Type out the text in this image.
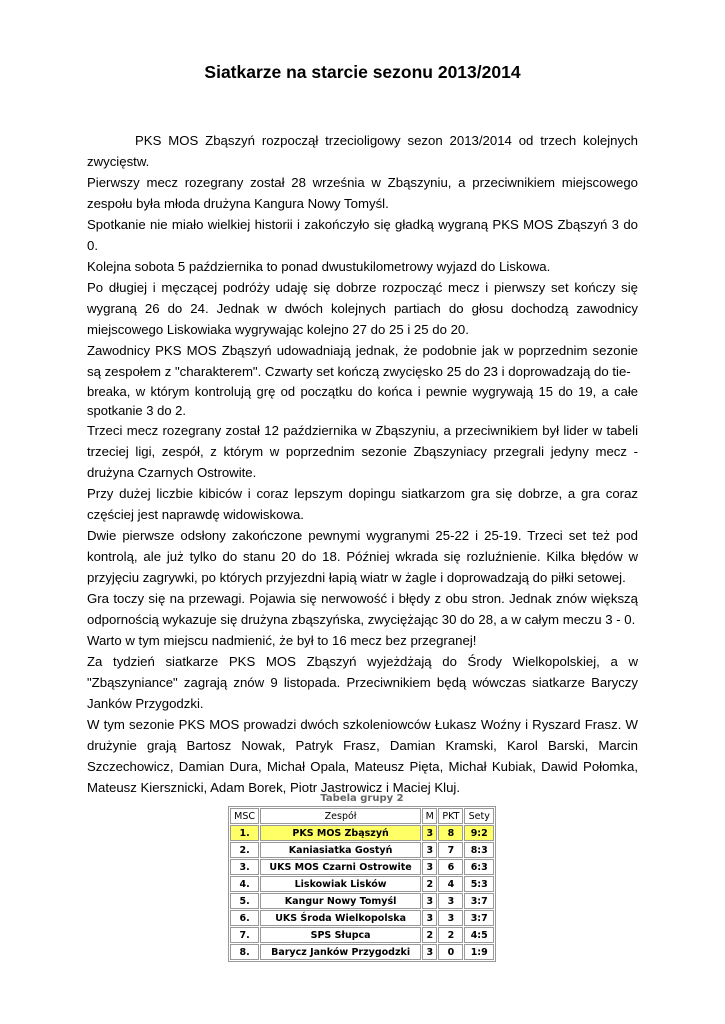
Siatkarze na starcie sezonu 2013/2014

PKS MOS Zbąszyń rozpoczął trzecioligowy sezon 2013/2014 od trzech kolejnych zwycięstw.

Pierwszy mecz rozegrany został 28 września w Zbąszyniu, a przeciwnikiem miejscowego zespołu była młoda drużyna Kangura Nowy Tomyśl.

Spotkanie nie miało wielkiej historii i zakończyło się gładką wygraną PKS MOS Zbąszyń 3 do 0.

Kolejna sobota 5 października to ponad dwustukilometrowy wyjazd do Liskowa.

Po długiej i męczącej podróży udaję się dobrze rozpocząć mecz i pierwszy set kończy się wygraną 26 do 24. Jednak w dwóch kolejnych partiach do głosu dochodzą zawodnicy miejscowego Liskowiaka wygrywając kolejno 27 do 25 i 25 do 20.

Zawodnicy PKS MOS Zbąszyń udowadniają jednak, że podobnie jak w poprzednim sezonie są zespołem z "charakterem". Czwarty set kończą zwycięsko 25 do 23 i doprowadzają do tie-

breaka, w którym kontrolują grę od początku do końca i pewnie wygrywają 15 do 19, a całe spotkanie 3 do 2.

Trzeci mecz rozegrany został 12 października w Zbąszyniu, a przeciwnikiem był lider w tabeli trzeciej ligi, zespół, z którym w poprzednim sezonie Zbąszyniacy przegrali jedyny mecz - drużyna Czarnych Ostrowite.

Przy dużej liczbie kibiców i coraz lepszym dopingu siatkarzom gra się dobrze, a gra coraz częściej jest naprawdę widowiskowa.

Dwie pierwsze odsłony zakończone pewnymi wygranymi 25-22 i 25-19. Trzeci set też pod kontrolą, ale już tylko do stanu 20 do 18. Później wkrada się rozluźnienie. Kilka błędów w przyjęciu zagrywki, po których przyjezdni łapią wiatr w żagle i doprowadzają do piłki setowej.

Gra toczy się na przewagi. Pojawia się nerwowość i błędy z obu stron. Jednak znów większą odpornością wykazuje się drużyna zbąszyńska, zwyciężając 30 do 28, a w całym meczu 3 - 0.

Warto w tym miejscu nadmienić, że był to 16 mecz bez przegranej!

Za tydzień siatkarze PKS MOS Zbąszyń wyjeżdżają do Środy Wielkopolskiej, a w "Zbąszyniance" zagrają znów 9 listopada. Przeciwnikiem będą wówczas siatkarze Baryczy Janków Przygodzki.

W tym sezonie PKS MOS prowadzi dwóch szkoleniowców Łukasz Woźny i Ryszard Frasz. W drużynie grają Bartosz Nowak, Patryk Frasz, Damian Kramski, Karol Barski, Marcin Szczechowicz, Damian Dura, Michał Opala, Mateusz Pięta, Michał Kubiak, Dawid Połomka, Mateusz Kiersznicki, Adam Borek, Piotr Jastrowicz i Maciej Kluj.

Tabela grupy 2
MSC	Zespół	M	PKT	Sety
1.	PKS MOS Zbąszyń	3	8	9:2
2.	Kaniasiatka Gostyń	3	7	8:3
3.	UKS MOS Czarni Ostrowite	3	6	6:3
4.	Liskowiak Lisków	2	4	5:3
5.	Kangur Nowy Tomyśl	3	3	3:7
6.	UKS Środa Wielkopolska	3	3	3:7
7.	SPS Słupca	2	2	4:5
8.	Barycz Janków Przygodzki	3	0	1:9
